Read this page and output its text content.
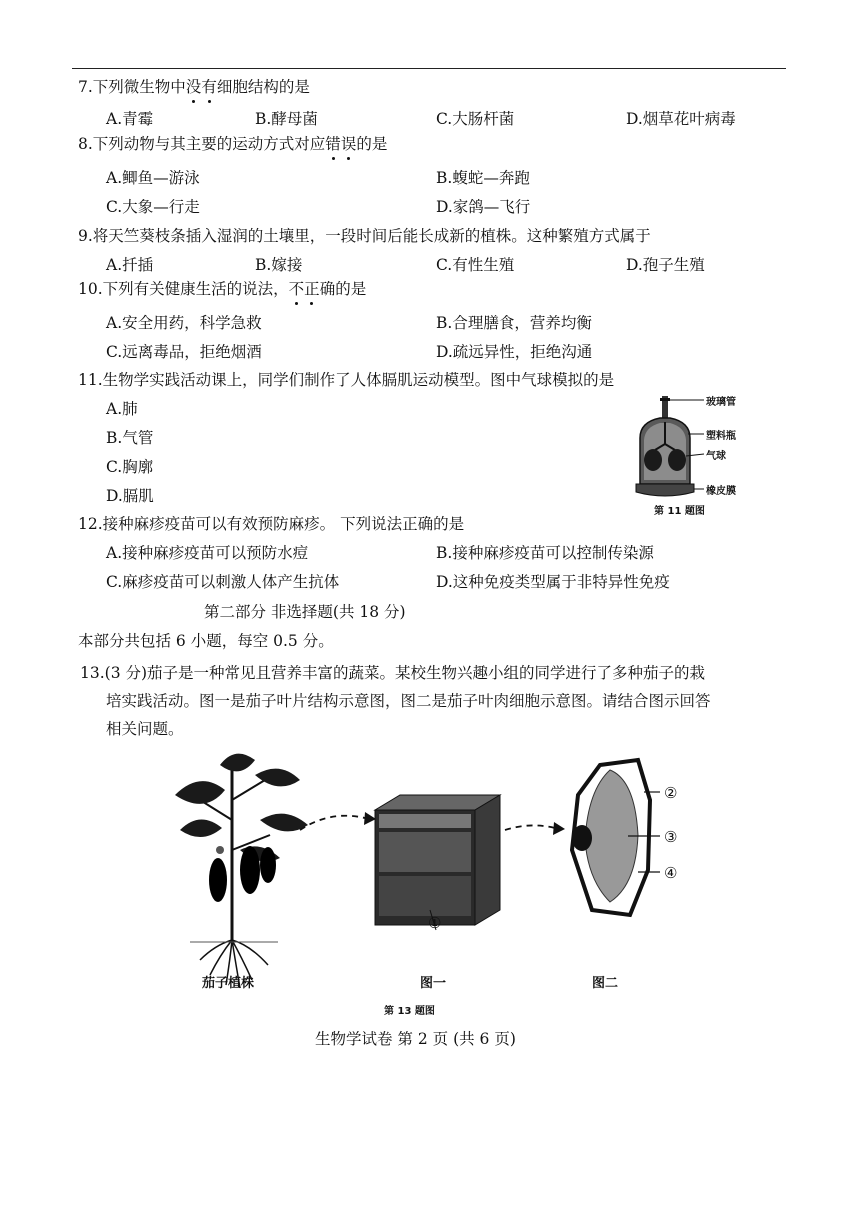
7.下列微生物中没有细胞结构的是
A.青霉	B.酵母菌	C.大肠杆菌	D.烟草花叶病毒
8.下列动物与其主要的运动方式对应错误的是
A.鲫鱼—游泳	B.蝮蛇—奔跑
C.大象—行走	D.家鸽—飞行
9.将天竺葵枝条插入湿润的土壤里，一段时间后能长成新的植株。这种繁殖方式属于
A.扦插	B.嫁接	C.有性生殖	D.孢子生殖
10.下列有关健康生活的说法，不正确的是
A.安全用药，科学急救	B.合理膳食，营养均衡
C.远离毒品，拒绝烟酒	D.疏远异性，拒绝沟通
11.生物学实践活动课上，同学们制作了人体膈肌运动模型。图中气球模拟的是
A.肺
B.气管
C.胸廓
D.膈肌
玻璃管
塑料瓶
气球
橡皮膜
第 11 题图
12.接种麻疹疫苗可以有效预防麻疹。 下列说法正确的是
A.接种麻疹疫苗可以预防水痘	B.接种麻疹疫苗可以控制传染源
C.麻疹疫苗可以刺激人体产生抗体	D.这种免疫类型属于非特异性免疫
第二部分 非选择题(共 18 分)
本部分共包括 6 小题，每空 0.5 分。
13.(3 分)茄子是一种常见且营养丰富的蔬菜。某校生物兴趣小组的同学进行了多种茄子的栽
培实践活动。图一是茄子叶片结构示意图，图二是茄子叶肉细胞示意图。请结合图示回答
相关问题。
①
②
③
④
茄子植株	图一	图二
第 13 题图
生物学试卷 第 2 页 (共 6 页)
